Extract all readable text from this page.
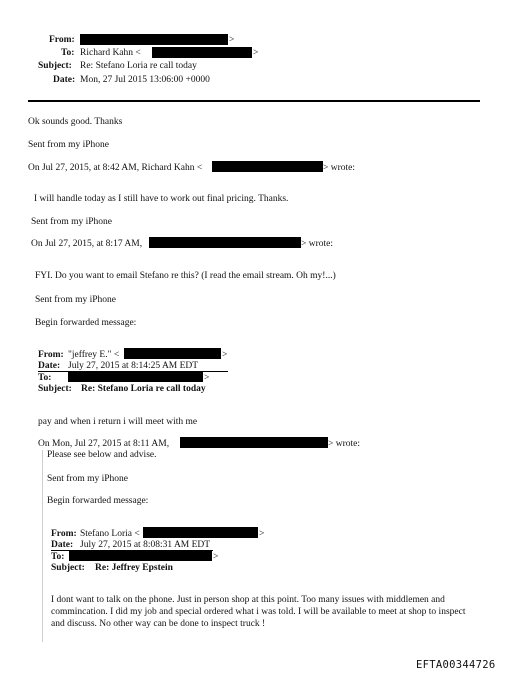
From:	>
To: Richard Kahn <	>
Subject: Re: Stefano Loria re call today
Date: Mon, 27 Jul 2015 13:06:00 +0000
Ok sounds good. Thanks
Sent from my iPhone
On Jul 27, 2015, at 8:42 AM, Richard Kahn <	> wrote:
I will handle today as I still have to work out final pricing. Thanks.
Sent from my iPhone
On Jul 27, 2015, at 8:17 AM,	> wrote:
FYI. Do you want to email Stefano re this? (I read the email stream. Oh my!...)
Sent from my iPhone
Begin forwarded message:
From: "jeffrey E." <	>
Date: July 27, 2015 at 8:14:25 AM EDT
To:	>
Subject: Re: Stefano Loria re call today
pay and when i return i will meet with me
On Mon, Jul 27, 2015 at 8:11 AM,	> wrote:
Please see below and advise.
Sent from my iPhone
Begin forwarded message:
From: Stefano Loria <	>
Date: July 27, 2015 at 8:08:31 AM EDT
To:	>
Subject: Re: Jeffrey Epstein
I dont want to talk on the phone. Just in person shop at this point. Too many issues with middlemen and commincation. I did my job and special ordered what i was told. I will be available to meet at shop to inspect and discuss. No other way can be done to inspect truck !
EFTA00344726
